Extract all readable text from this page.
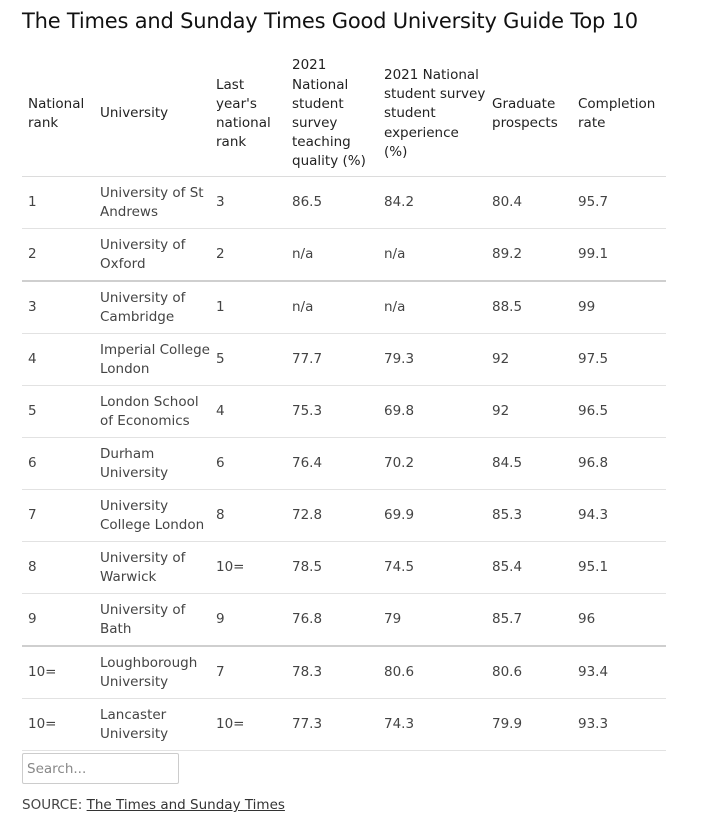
The Times and Sunday Times Good University Guide Top 10
National rank	University	Last year's national rank	2021 National student survey teaching quality (%)	2021 National student survey student experience (%)	Graduate prospects	Completion rate
1	University of St Andrews	3	86.5	84.2	80.4	95.7
2	University of Oxford	2	n/a	n/a	89.2	99.1
3	University of Cambridge	1	n/a	n/a	88.5	99
4	Imperial College London	5	77.7	79.3	92	97.5
5	London School of Economics	4	75.3	69.8	92	96.5
6	Durham University	6	76.4	70.2	84.5	96.8
7	University College London	8	72.8	69.9	85.3	94.3
8	University of Warwick	10=	78.5	74.5	85.4	95.1
9	University of Bath	9	76.8	79	85.7	96
10=	Loughborough University	7	78.3	80.6	80.6	93.4
10=	Lancaster University	10=	77.3	74.3	79.9	93.3
Search...
SOURCE: The Times and Sunday Times
